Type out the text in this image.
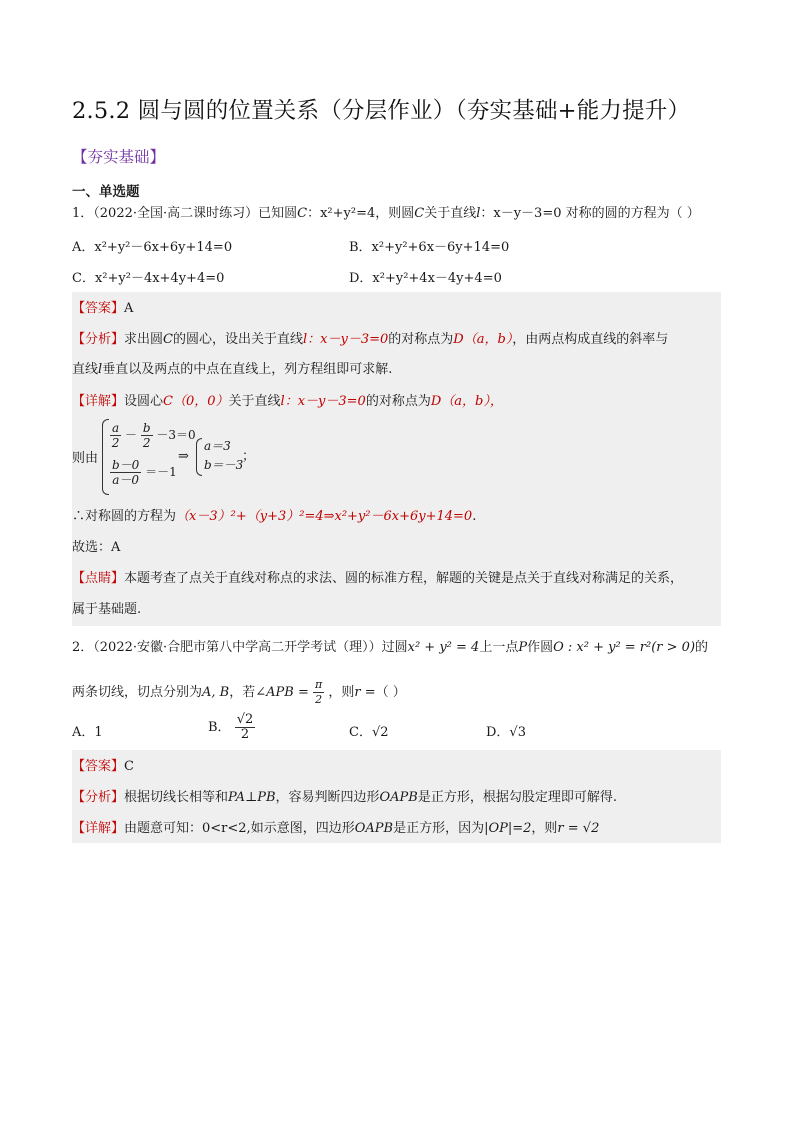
2.5.2 圆与圆的位置关系（分层作业）（夯实基础+能力提升）
【夯实基础】
一、单选题
1．（2022·全国·高二课时练习）已知圆C：x²+y²=4，则圆C关于直线l：x－y－3=0 对称的圆的方程为（ ）
A．x²+y²－6x+6y+14=0	B．x²+y²+6x－6y+14=0
C．x²+y²－4x+4y+4=0	D．x²+y²+4x－4y+4=0
【答案】A
【分析】求出圆C的圆心，设出关于直线l：x－y－3=0的对称点为D（a，b），由两点构成直线的斜率与
直线l垂直以及两点的中点在直线上，列方程组即可求解.
【详解】设圆心C（0，0）关于直线l：x－y－3=0的对称点为D（a，b），
则由
$\frac{a}{2} - \frac{b}{2} -3=0$
$\frac{b-0}{a-0} =-1$
⇒
a＝3
b＝－3
；
∴对称圆的方程为（x－3）²+（y+3）²=4⇒x²+y²－6x+6y+14=0.
故选：A
【点睛】本题考查了点关于直线对称点的求法、圆的标准方程，解题的关键是点关于直线对称满足的关系，
属于基础题.
2．（2022·安徽·合肥市第八中学高二开学考试（理））过圆x² + y² = 4上一点P作圆O : x² + y² = r²(r > 0)的
两条切线，切点分别为A, B，若∠APB = $\frac{\pi}{2}$ ，则r =（ ）
A．1	B． $\frac{√2}{2}$	C．√2	D．√3
【答案】C
【分析】根据切线长相等和PA⊥PB，容易判断四边形OAPB是正方形，根据勾股定理即可解得.
【详解】由题意可知：0<r<2,如示意图，四边形OAPB是正方形，因为|OP|=2，则r = √2
